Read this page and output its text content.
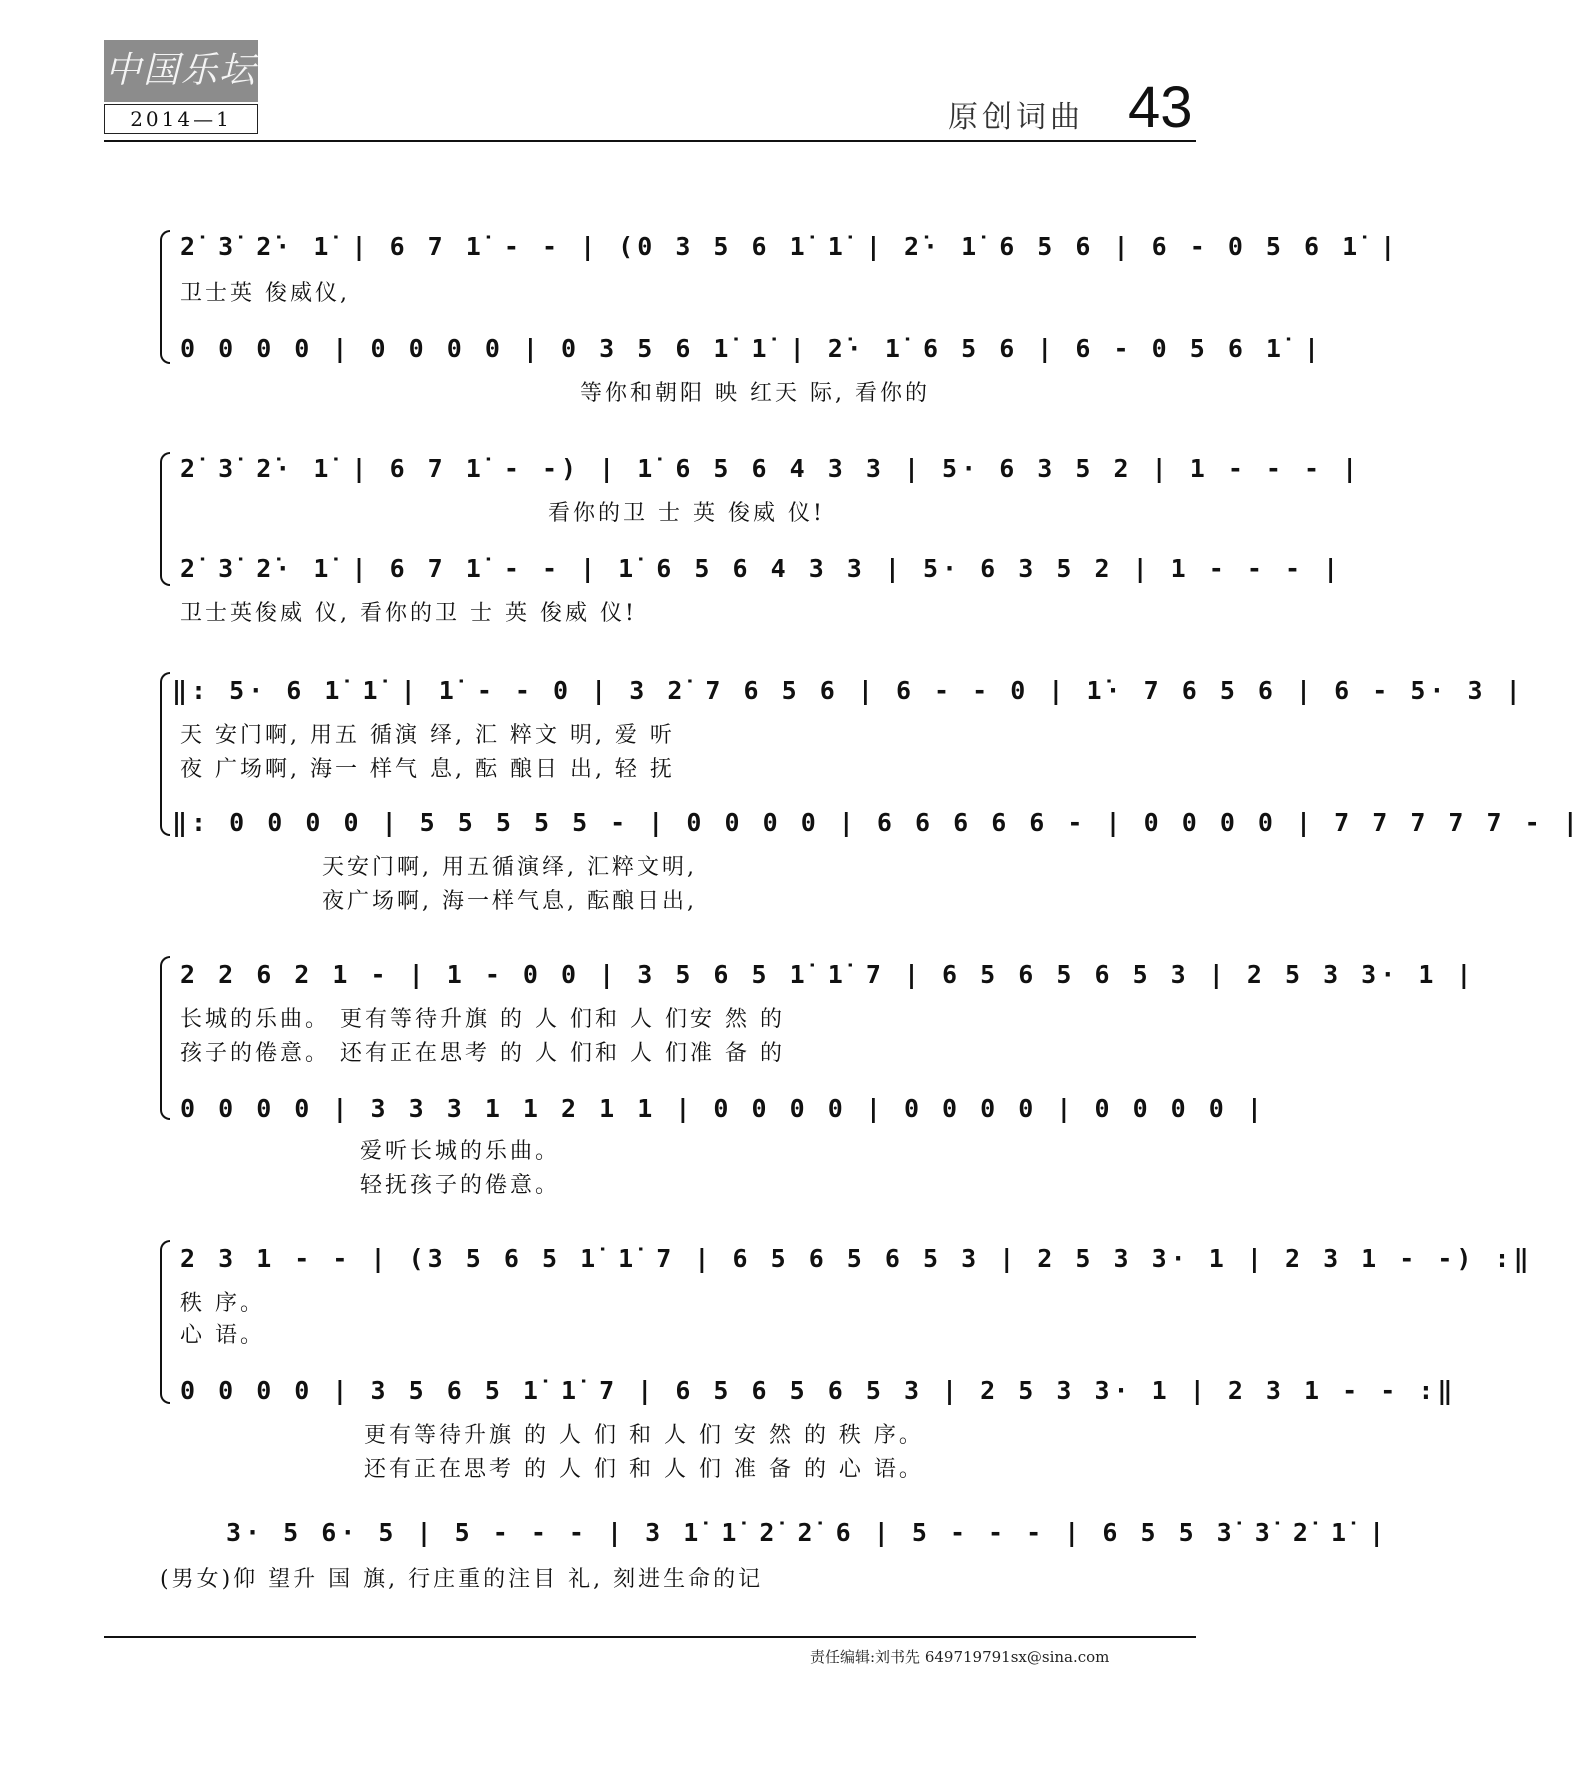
中国乐坛
2014—1	原创词曲 43
2̇ 3̇ 2̇· 1̇ | 6 7 1̇ - - | (0 3 5 6 1̇ 1̇ | 2̇· 1̇ 6 5 6 | 6 - 0 5 6 1̇ |
卫士英 俊威仪,
0 0 0 0 | 0 0 0 0 | 0 3 5 6 1̇ 1̇ | 2̇· 1̇ 6 5 6 | 6 - 0 5 6 1̇ |
等你和朝阳 映 红天 际, 看你的
2̇ 3̇ 2̇· 1̇ | 6 7 1̇ - -) | 1̇ 6 5 6 4 3 3 | 5· 6 3 5 2 | 1 - - - |
看你的卫 士 英 俊威 仪!
2̇ 3̇ 2̇· 1̇ | 6 7 1̇ - - | 1̇ 6 5 6 4 3 3 | 5· 6 3 5 2 | 1 - - - |
卫士英俊威 仪, 看你的卫 士 英 俊威 仪!
‖: 5· 6 1̇ 1̇ | 1̇ - - 0 | 3 2̇ 7 6 5 6 | 6 - - 0 | 1̇· 7 6 5 6 | 6 - 5· 3 |
天 安门啊, 用五 循演 绎, 汇 粹文 明, 爱 听
夜 广场啊, 海一 样气 息, 酝 酿日 出, 轻 抚
‖: 0 0 0 0 | 5 5 5 5 5 - | 0 0 0 0 | 6 6 6 6 6 - | 0 0 0 0 | 7 7 7 7 7 - |
天安门啊, 用五循演绎, 汇粹文明,
夜广场啊, 海一样气息, 酝酿日出,
2 2 6 2 1 - | 1 - 0 0 | 3 5 6 5 1̇ 1̇ 7 | 6 5 6 5 6 5 3 | 2 5 3 3· 1 |
长城的乐曲。 更有等待升旗 的 人 们和 人 们安 然 的
孩子的倦意。 还有正在思考 的 人 们和 人 们准 备 的
0 0 0 0 | 3 3 3 1 1 2 1 1 | 0 0 0 0 | 0 0 0 0 | 0 0 0 0 |
爱听长城的乐曲。
轻抚孩子的倦意。
2 3 1 - - | (3 5 6 5 1̇ 1̇ 7 | 6 5 6 5 6 5 3 | 2 5 3 3· 1 | 2 3 1 - -) :‖
秩 序。
心 语。
0 0 0 0 | 3 5 6 5 1̇ 1̇ 7 | 6 5 6 5 6 5 3 | 2 5 3 3· 1 | 2 3 1 - - :‖
更有等待升旗 的 人 们 和 人 们 安 然 的 秩 序。
还有正在思考 的 人 们 和 人 们 准 备 的 心 语。
3· 5 6· 5 | 5 - - - | 3 1̇ 1̇ 2̇ 2̇ 6 | 5 - - - | 6 5 5 3̇ 3̇ 2̇ 1̇ |
(男女)仰 望升 国 旗, 行庄重的注目 礼, 刻进生命的记
责任编辑:刘书先 649719791sx@sina.com
